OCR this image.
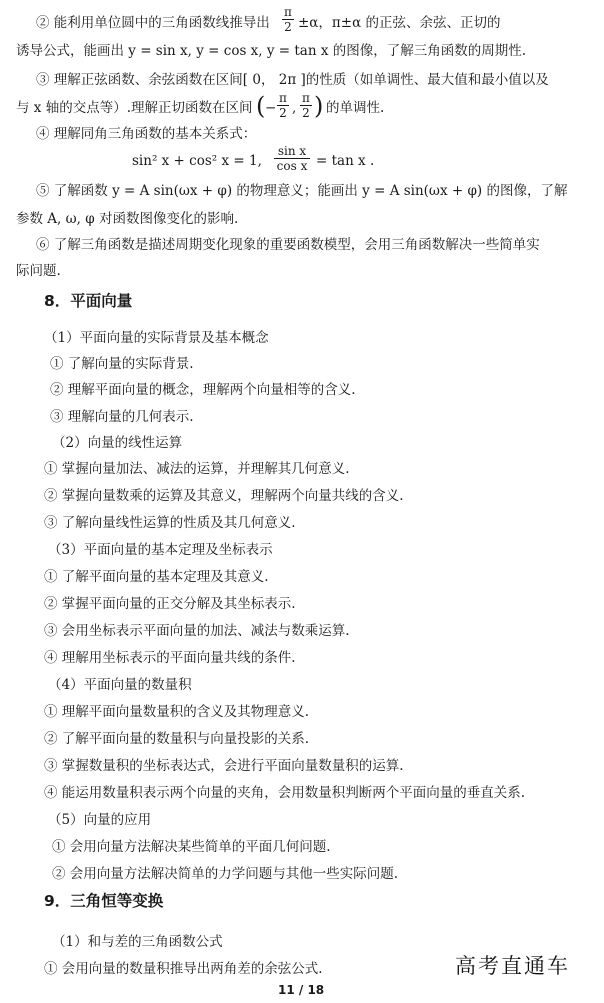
② 能利用单位圆中的三角函数线推导出
π
2 ±α，π±α 的正弦、余弦、正切的
诱导公式，能画出 y = sin x, y = cos x, y = tan x 的图像，了解三角函数的周期性.
③ 理解正弦函数、余弦函数在区间[ 0， 2π ]的性质（如单调性、最大值和最小值以及
与 x 轴的交点等）.理解正切函数在区间 ( −
π
2 ,
π
2 ) 的单调性.
④ 理解同角三角函数的基本关系式：
sin² x + cos² x = 1,
sin x
cos x = tan x .
⑤ 了解函数 y = A sin(ωx + φ) 的物理意义；能画出 y = A sin(ωx + φ) 的图像，了解
参数 A, ω, φ 对函数图像变化的影响.
⑥ 了解三角函数是描述周期变化现象的重要函数模型，会用三角函数解决一些简单实
际问题.
8．平面向量
（1）平面向量的实际背景及基本概念
① 了解向量的实际背景.
② 理解平面向量的概念，理解两个向量相等的含义.
③ 理解向量的几何表示.
（2）向量的线性运算
① 掌握向量加法、减法的运算，并理解其几何意义.
② 掌握向量数乘的运算及其意义，理解两个向量共线的含义.
③ 了解向量线性运算的性质及其几何意义.
（3）平面向量的基本定理及坐标表示
① 了解平面向量的基本定理及其意义.
② 掌握平面向量的正交分解及其坐标表示.
③ 会用坐标表示平面向量的加法、减法与数乘运算.
④ 理解用坐标表示的平面向量共线的条件.
（4）平面向量的数量积
① 理解平面向量数量积的含义及其物理意义.
② 了解平面向量的数量积与向量投影的关系.
③ 掌握数量积的坐标表达式，会进行平面向量数量积的运算.
④ 能运用数量积表示两个向量的夹角，会用数量积判断两个平面向量的垂直关系.
（5）向量的应用
① 会用向量方法解决某些简单的平面几何问题.
② 会用向量方法解决简单的力学问题与其他一些实际问题.
9．三角恒等变换
（1）和与差的三角函数公式
① 会用向量的数量积推导出两角差的余弦公式.	高考直通车
11 / 18
